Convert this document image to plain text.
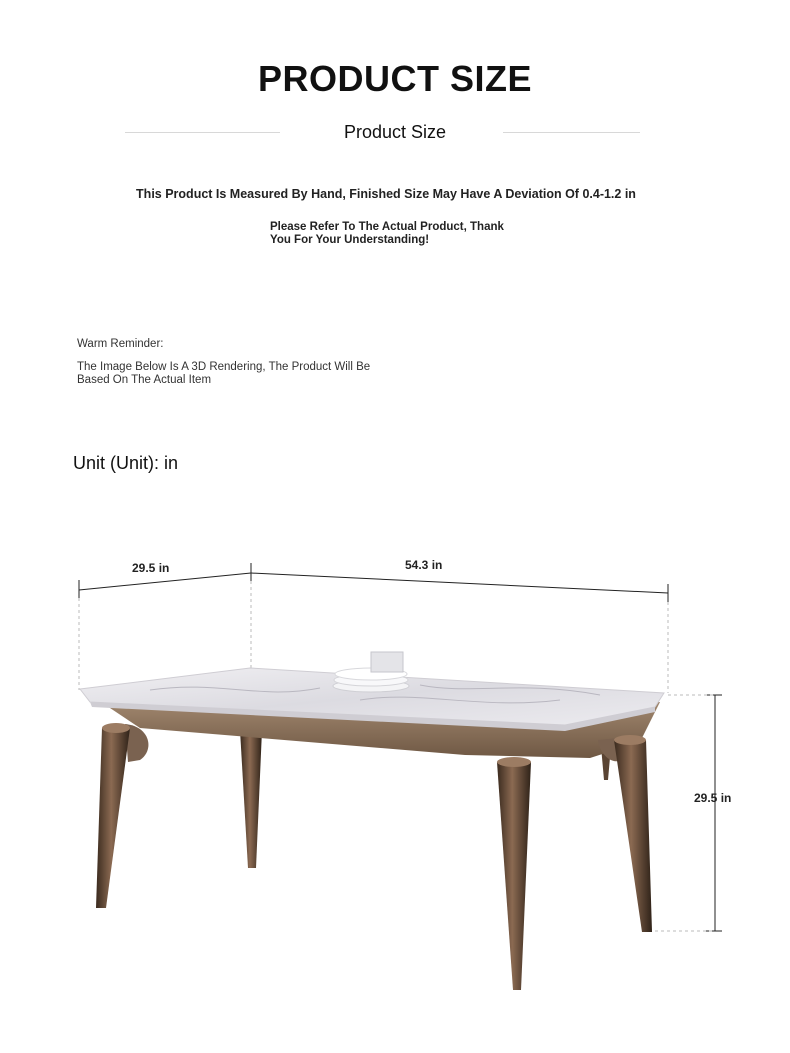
PRODUCT SIZE
Product Size
This Product Is Measured By Hand, Finished Size May Have A Deviation Of 0.4-1.2 in
Please Refer To The Actual Product, Thank You For Your Understanding!
Warm Reminder:
The Image Below Is A 3D Rendering, The Product Will Be Based On The Actual Item
Unit (Unit): in
29.5 in	54.3 in
29.5 in
